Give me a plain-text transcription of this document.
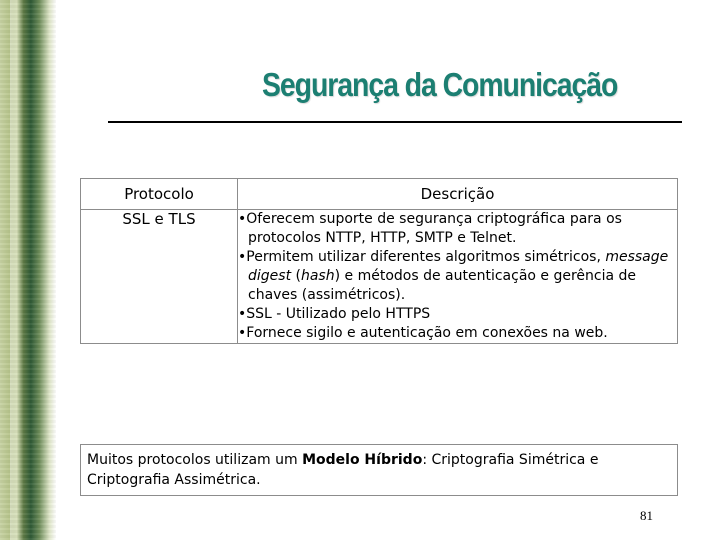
Segurança da Comunicação
Protocolo	Descrição
SSL e TLS	•Oferecem suporte de segurança criptográfica para os protocolos NTTP, HTTP, SMTP e Telnet.
•Permitem utilizar diferentes algoritmos simétricos, message digest (hash) e métodos de autenticação e gerência de chaves (assimétricos).
•SSL - Utilizado pelo HTTPS
•Fornece sigilo e autenticação em conexões na web.
Muitos protocolos utilizam um Modelo Híbrido: Criptografia Simétrica e Criptografia Assimétrica.
81
